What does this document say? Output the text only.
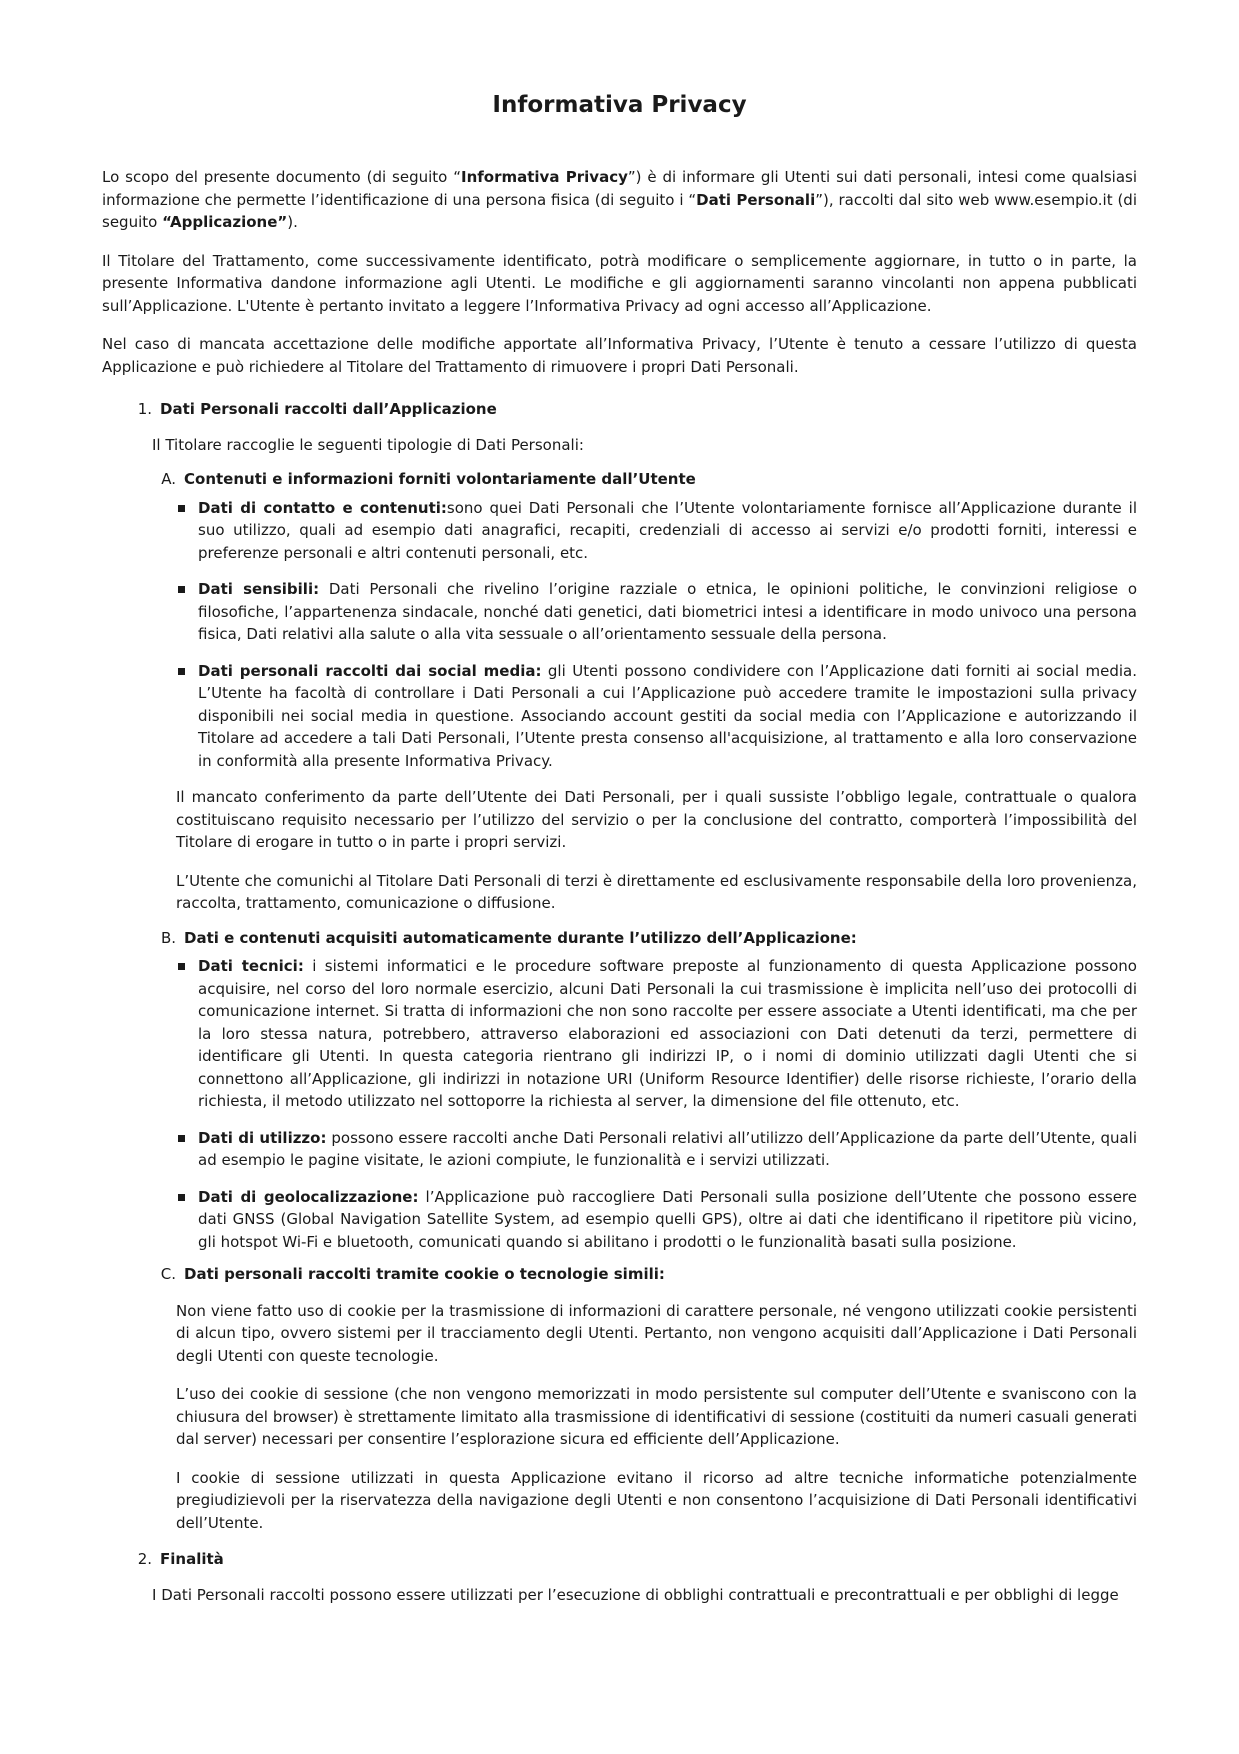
Informativa Privacy

Lo scopo del presente documento (di seguito “Informativa Privacy”) è di informare gli Utenti sui dati personali, intesi come qualsiasi informazione che permette l’identificazione di una persona fisica (di seguito i “Dati Personali”), raccolti dal sito web www.esempio.it (di seguito “Applicazione”).

Il Titolare del Trattamento, come successivamente identificato, potrà modificare o semplicemente aggiornare, in tutto o in parte, la presente Informativa dandone informazione agli Utenti. Le modifiche e gli aggiornamenti saranno vincolanti non appena pubblicati sull’Applicazione. L'Utente è pertanto invitato a leggere l’Informativa Privacy ad ogni accesso all’Applicazione.

Nel caso di mancata accettazione delle modifiche apportate all’Informativa Privacy, l’Utente è tenuto a cessare l’utilizzo di questa Applicazione e può richiedere al Titolare del Trattamento di rimuovere i propri Dati Personali.

1. Dati Personali raccolti dall’Applicazione

Il Titolare raccoglie le seguenti tipologie di Dati Personali:

A. Contenuti e informazioni forniti volontariamente dall’Utente
Dati di contatto e contenuti:sono quei Dati Personali che l’Utente volontariamente fornisce all’Applicazione durante il suo utilizzo, quali ad esempio dati anagrafici, recapiti, credenziali di accesso ai servizi e/o prodotti forniti, interessi e preferenze personali e altri contenuti personali, etc.
Dati sensibili: Dati Personali che rivelino l’origine razziale o etnica, le opinioni politiche, le convinzioni religiose o filosofiche, l’appartenenza sindacale, nonché dati genetici, dati biometrici intesi a identificare in modo univoco una persona fisica, Dati relativi alla salute o alla vita sessuale o all’orientamento sessuale della persona.
Dati personali raccolti dai social media: gli Utenti possono condividere con l’Applicazione dati forniti ai social media. L’Utente ha facoltà di controllare i Dati Personali a cui l’Applicazione può accedere tramite le impostazioni sulla privacy disponibili nei social media in questione. Associando account gestiti da social media con l’Applicazione e autorizzando il Titolare ad accedere a tali Dati Personali, l’Utente presta consenso all'acquisizione, al trattamento e alla loro conservazione in conformità alla presente Informativa Privacy.

Il mancato conferimento da parte dell’Utente dei Dati Personali, per i quali sussiste l’obbligo legale, contrattuale o qualora costituiscano requisito necessario per l’utilizzo del servizio o per la conclusione del contratto, comporterà l’impossibilità del Titolare di erogare in tutto o in parte i propri servizi.

L’Utente che comunichi al Titolare Dati Personali di terzi è direttamente ed esclusivamente responsabile della loro provenienza, raccolta, trattamento, comunicazione o diffusione.

B. Dati e contenuti acquisiti automaticamente durante l’utilizzo dell’Applicazione:
Dati tecnici: i sistemi informatici e le procedure software preposte al funzionamento di questa Applicazione possono acquisire, nel corso del loro normale esercizio, alcuni Dati Personali la cui trasmissione è implicita nell’uso dei protocolli di comunicazione internet. Si tratta di informazioni che non sono raccolte per essere associate a Utenti identificati, ma che per la loro stessa natura, potrebbero, attraverso elaborazioni ed associazioni con Dati detenuti da terzi, permettere di identificare gli Utenti. In questa categoria rientrano gli indirizzi IP, o i nomi di dominio utilizzati dagli Utenti che si connettono all’Applicazione, gli indirizzi in notazione URI (Uniform Resource Identifier) delle risorse richieste, l’orario della richiesta, il metodo utilizzato nel sottoporre la richiesta al server, la dimensione del file ottenuto, etc.
Dati di utilizzo: possono essere raccolti anche Dati Personali relativi all’utilizzo dell’Applicazione da parte dell’Utente, quali ad esempio le pagine visitate, le azioni compiute, le funzionalità e i servizi utilizzati.
Dati di geolocalizzazione: l’Applicazione può raccogliere Dati Personali sulla posizione dell’Utente che possono essere dati GNSS (Global Navigation Satellite System, ad esempio quelli GPS), oltre ai dati che identificano il ripetitore più vicino, gli hotspot Wi-Fi e bluetooth, comunicati quando si abilitano i prodotti o le funzionalità basati sulla posizione.
C. Dati personali raccolti tramite cookie o tecnologie simili:

Non viene fatto uso di cookie per la trasmissione di informazioni di carattere personale, né vengono utilizzati cookie persistenti di alcun tipo, ovvero sistemi per il tracciamento degli Utenti. Pertanto, non vengono acquisiti dall’Applicazione i Dati Personali degli Utenti con queste tecnologie.

L’uso dei cookie di sessione (che non vengono memorizzati in modo persistente sul computer dell’Utente e svaniscono con la chiusura del browser) è strettamente limitato alla trasmissione di identificativi di sessione (costituiti da numeri casuali generati dal server) necessari per consentire l’esplorazione sicura ed efficiente dell’Applicazione.

I cookie di sessione utilizzati in questa Applicazione evitano il ricorso ad altre tecniche informatiche potenzialmente pregiudizievoli per la riservatezza della navigazione degli Utenti e non consentono l’acquisizione di Dati Personali identificativi dell’Utente.

2. Finalità

I Dati Personali raccolti possono essere utilizzati per l’esecuzione di obblighi contrattuali e precontrattuali e per obblighi di legge
